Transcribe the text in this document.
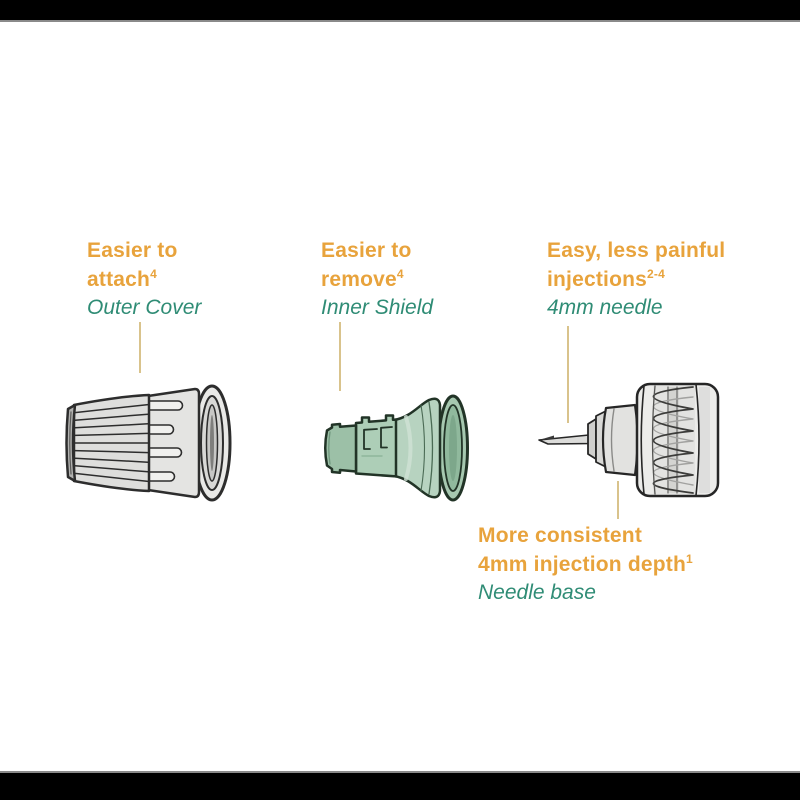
Easier to
attach$^4$
Outer Cover
Easier to
remove$^4$
Inner Shield
Easy, less painful
injections$^{2-4}$
4mm needle
More consistent
4mm injection depth$^1$
Needle base
